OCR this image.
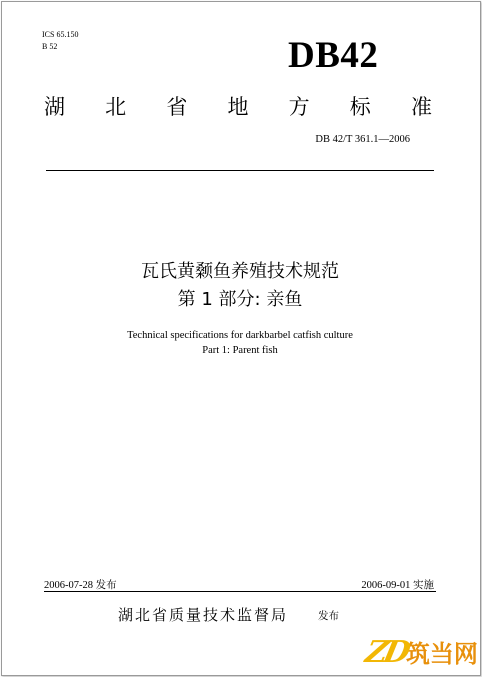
ICS 65.150
B 52	DB42
湖 北 省 地 方 标 准
DB 42/T 361.1—2006
瓦氏黄颡鱼养殖技术规范
第 1 部分: 亲鱼
Technical specifications for darkbarbel catfish culture
Part 1: Parent fish
2006-07-28 发布	2006-09-01 实施
湖北省质量技术监督局	发布
ZD筑当网
